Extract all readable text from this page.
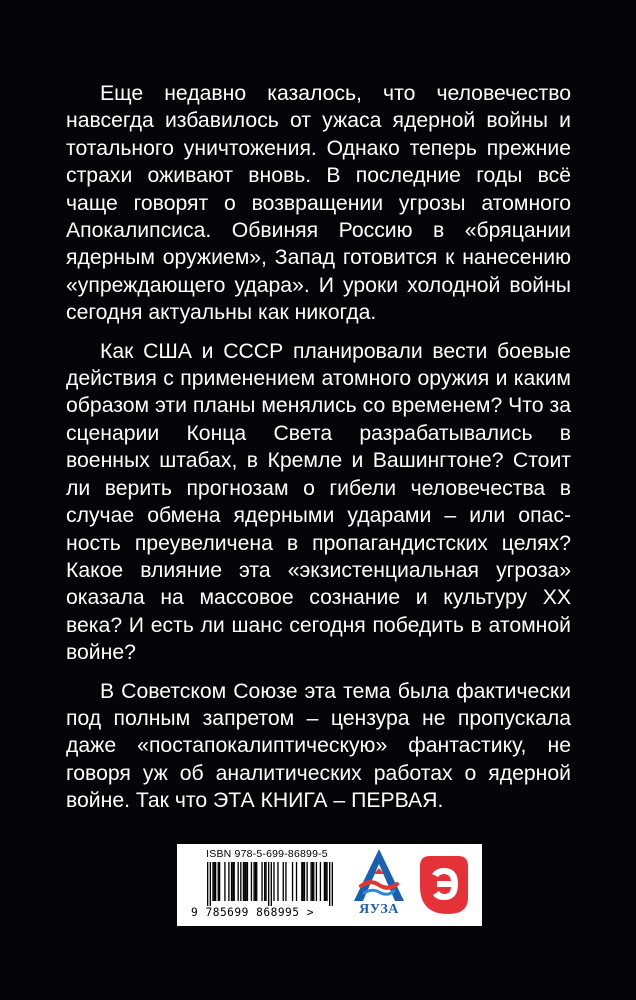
Еще недавно казалось, что человечество навсегда избавилось от ужаса ядерной войны и тотального уничтожения. Однако теперь прежние страхи оживают вновь. В последние годы всё чаще говорят о возвращении угрозы атомного Апокалипсиса. Обвиняя Россию в «бряцании ядерным оружием», Запад готовится к нанесению «упреждающего удара». И уроки холодной войны сегодня актуальны как никогда.

Как США и СССР планировали вести боевые действия с применением атомного оружия и каким образом эти планы менялись со временем? Что за сценарии Конца Света разрабатывались в военных штабах, в Кремле и Вашингтоне? Стоит ли верить прогнозам о гибели человечества в случае обмена ядерными ударами – или опасность преувеличена в пропагандистских целях? Какое влияние эта «экзистенциальная угроза» оказала на массовое сознание и культуру ХХ века? И есть ли шанс сегодня победить в атомной войне?

В Советском Союзе эта тема была фактически под полным запретом – цензура не пропускала даже «постапокалиптическую» фантастику, не говоря уж об аналитических работах о ядерной войне. Так что ЭТА КНИГА – ПЕРВАЯ.

ISBN 978-5-699-86899-5
9 785699 868995 >	ЯУЗА
